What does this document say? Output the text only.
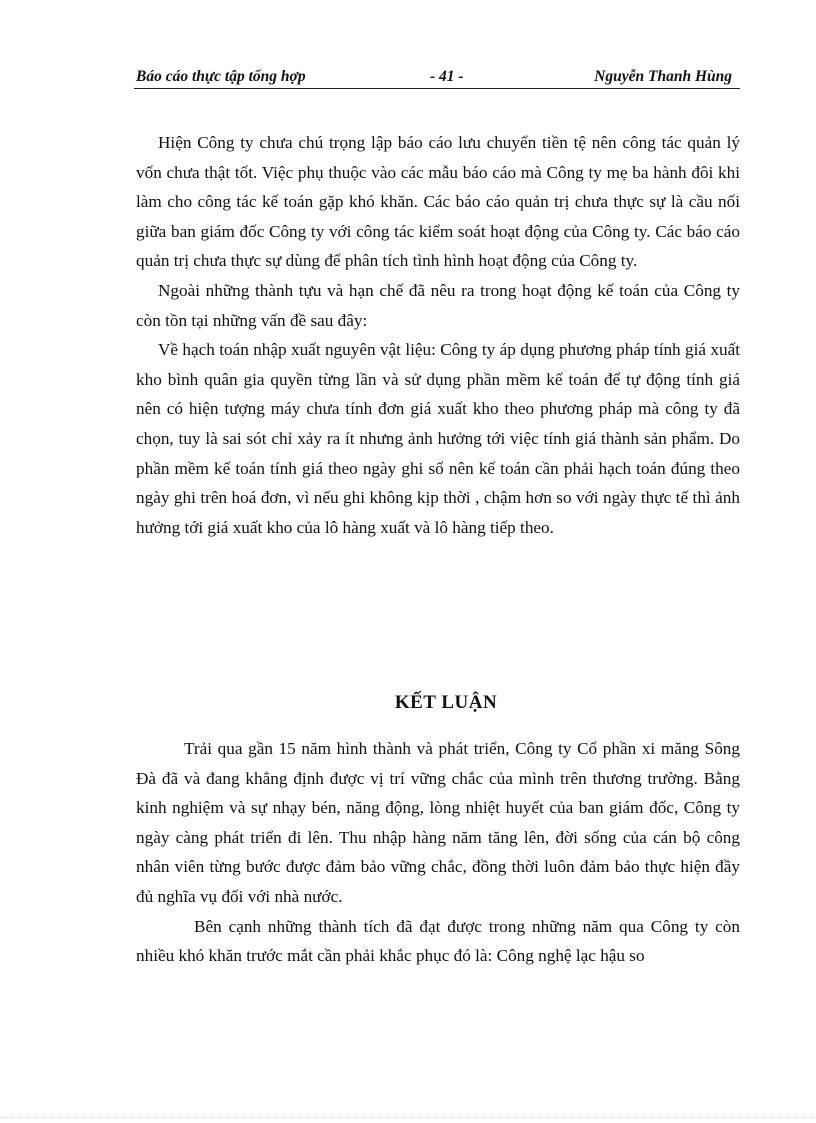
Báo cáo thực tập tổng hợp	- 41 -	Nguyễn Thanh Hùng

Hiện Công ty chưa chú trọng lập báo cáo lưu chuyển tiền tệ nên công tác quản lý vốn chưa thật tốt. Việc phụ thuộc vào các mẫu báo cáo mà Công ty mẹ ba hành đôi khi làm cho công tác kế toán gặp khó khăn. Các báo cáo quản trị chưa thực sự là cầu nối giữa ban giám đốc Công ty với công tác kiểm soát hoạt động của Công ty. Các báo cáo quản trị chưa thực sự dùng để phân tích tình hình hoạt động của Công ty.

Ngoài những thành tựu và hạn chế đã nêu ra trong hoạt động kế toán của Công ty còn tồn tại những vấn đề sau đây:

Về hạch toán nhập xuất nguyên vật liệu: Công ty áp dụng phương pháp tính giá xuất kho bình quân gia quyền từng lần và sử dụng phần mềm kế toán để tự động tính giá nên có hiện tượng máy chưa tính đơn giá xuất kho theo phương pháp mà công ty đã chọn, tuy là sai sót chỉ xảy ra ít nhưng ảnh hưởng tới việc tính giá thành sản phẩm. Do phần mềm kế toán tính giá theo ngày ghi sổ nên kế toán cần phải hạch toán đúng theo ngày ghi trên hoá đơn, vì nếu ghi không kịp thời , chậm hơn so với ngày thực tế thì ảnh hưởng tới giá xuất kho của lô hàng xuất và lô hàng tiếp theo.

KẾT LUẬN

Trải qua gần 15 năm hình thành và phát triển, Công ty Cổ phần xi măng Sông Đà đã và đang khẳng định được vị trí vững chắc của mình trên thương trường. Bằng kinh nghiệm và sự nhạy bén, năng động, lòng nhiệt huyết của ban giám đốc, Công ty ngày càng phát triển đi lên. Thu nhập hàng năm tăng lên, đời sống của cán bộ công nhân viên từng bước được đảm bảo vững chắc, đồng thời luôn đảm bảo thực hiện đầy đủ nghĩa vụ đối với nhà nước.

Bên cạnh những thành tích đã đạt được trong những năm qua Công ty còn nhiều khó khăn trước mắt cần phải khắc phục đó là: Công nghệ lạc hậu so
